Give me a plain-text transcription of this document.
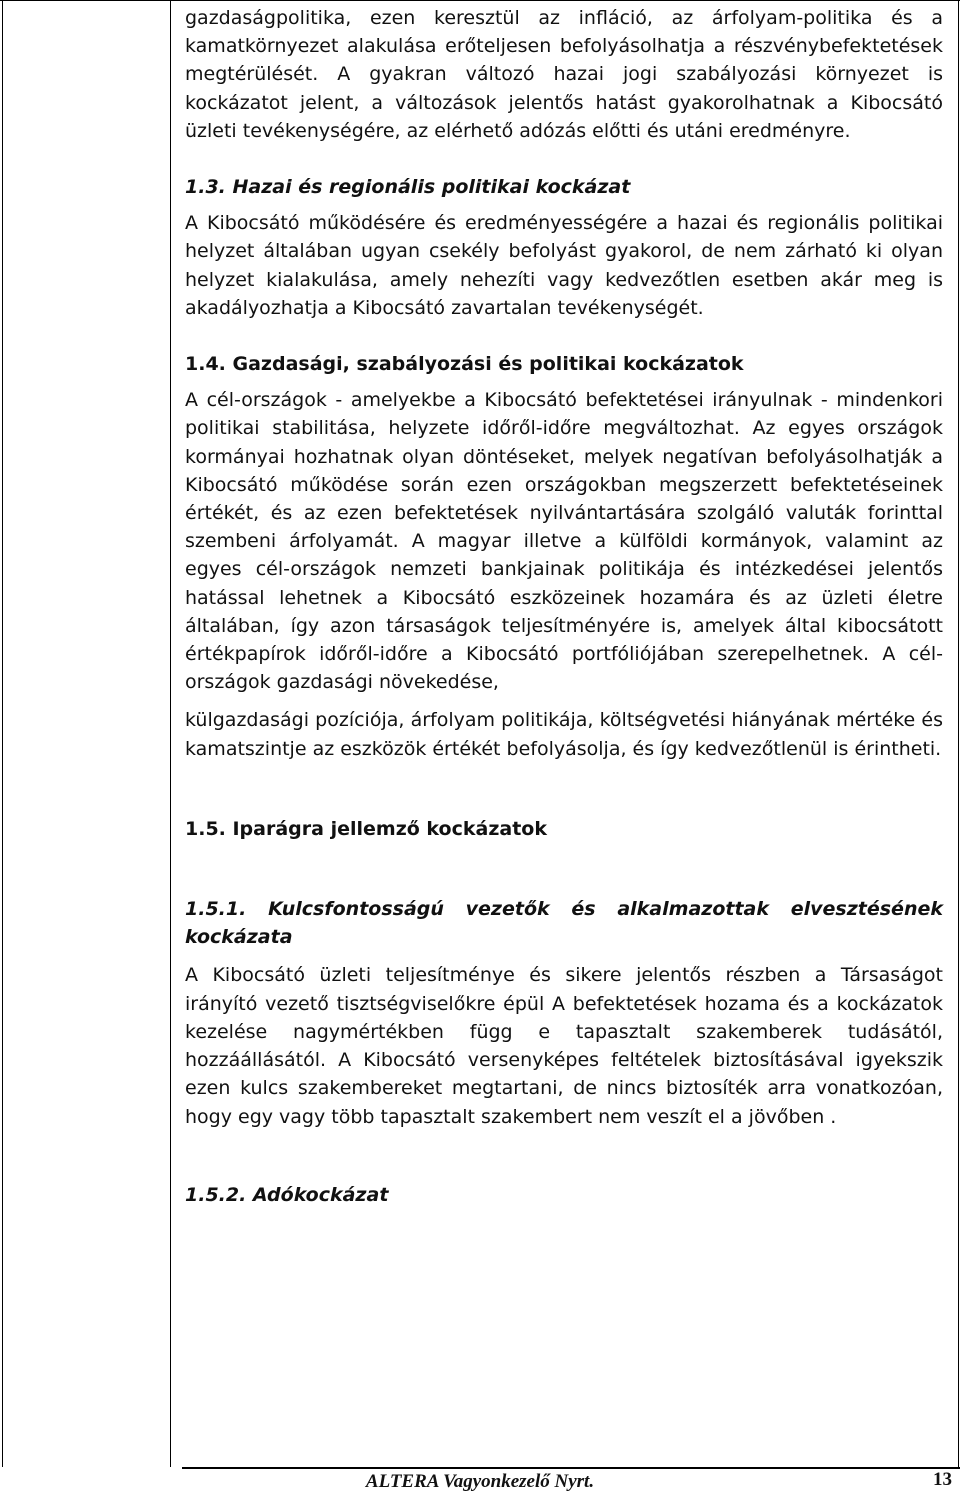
gazdaságpolitika, ezen keresztül az infláció, az árfolyam-politika és a kamatkörnyezet alakulása erőteljesen befolyásolhatja a részvénybefektetések megtérülését. A gyakran változó hazai jogi szabályozási környezet is kockázatot jelent, a változások jelentős hatást gyakorolhatnak a Kibocsátó üzleti tevékenységére, az elérhető adózás előtti és utáni eredményre.

1.3. Hazai és regionális politikai kockázat

A Kibocsátó működésére és eredményességére a hazai és regionális politikai helyzet általában ugyan csekély befolyást gyakorol, de nem zárható ki olyan helyzet kialakulása, amely nehezíti vagy kedvezőtlen esetben akár meg is akadályozhatja a Kibocsátó zavartalan tevékenységét.

1.4. Gazdasági, szabályozási és politikai kockázatok

A cél-országok - amelyekbe a Kibocsátó befektetései irányulnak - mindenkori politikai stabilitása, helyzete időről-időre megváltozhat. Az egyes országok kormányai hozhatnak olyan döntéseket, melyek negatívan befolyásolhatják a Kibocsátó működése során ezen országokban megszerzett befektetéseinek értékét, és az ezen befektetések nyilvántartására szolgáló valuták forinttal szembeni árfolyamát. A magyar illetve a külföldi kormányok, valamint az egyes cél-országok nemzeti bankjainak politikája és intézkedései jelentős hatással lehetnek a Kibocsátó eszközeinek hozamára és az üzleti életre általában, így azon társaságok teljesítményére is, amelyek által kibocsátott értékpapírok időről-időre a Kibocsátó portfóliójában szerepelhetnek. A cél-országok gazdasági növekedése,

külgazdasági pozíciója, árfolyam politikája, költségvetési hiányának mértéke és kamatszintje az eszközök értékét befolyásolja, és így kedvezőtlenül is érintheti.

1.5. Iparágra jellemző kockázatok
1.5.1. Kulcsfontosságú vezetők és alkalmazottak elvesztésének kockázata

A Kibocsátó üzleti teljesítménye és sikere jelentős részben a Társaságot irányító vezető tisztségviselőkre épül A befektetések hozama és a kockázatok kezelése nagymértékben függ e tapasztalt szakemberek tudásától, hozzáállásától. A Kibocsátó versenyképes feltételek biztosításával igyekszik ezen kulcs szakembereket megtartani, de nincs biztosíték arra vonatkozóan, hogy egy vagy több tapasztalt szakembert nem veszít el a jövőben .

1.5.2. Adókockázat
ALTERA Vagyonkezelő Nyrt.	13
